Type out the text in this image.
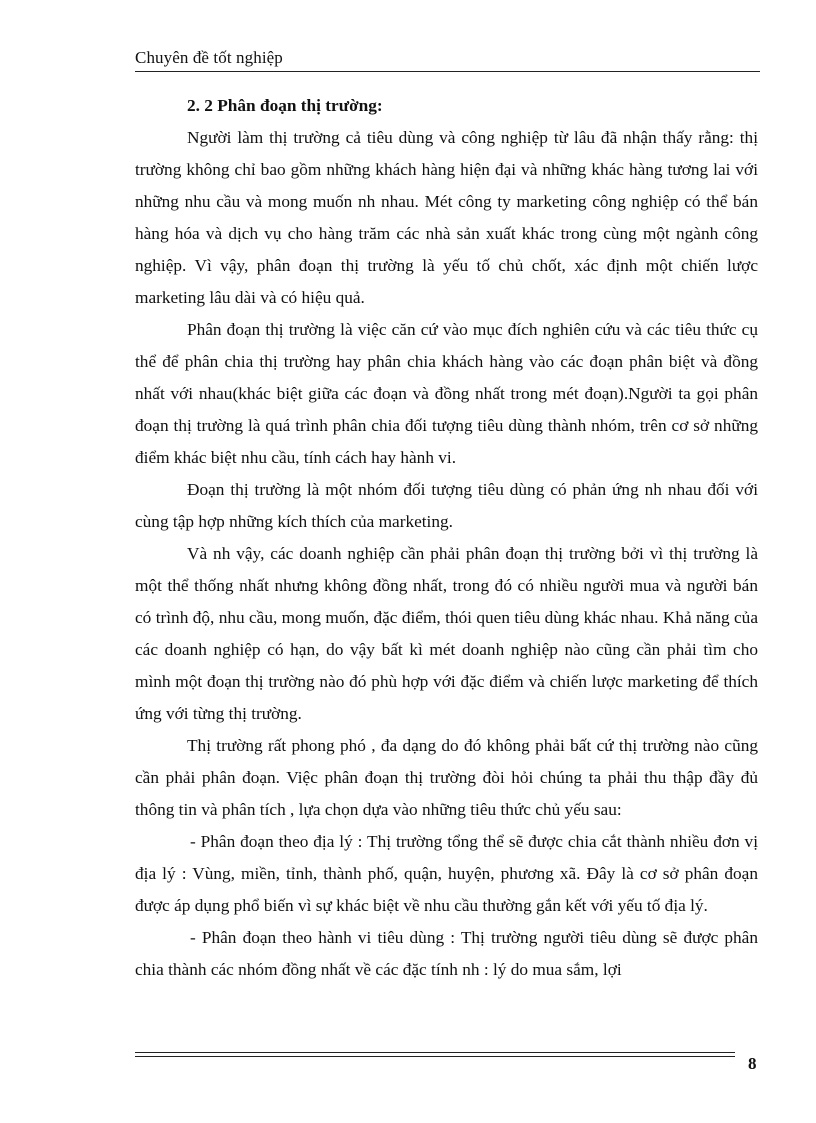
Chuyên đề tốt nghiệp

2. 2 Phân đoạn thị trường:

Người làm thị trường cả tiêu dùng và công nghiệp từ lâu đã nhận thấy rằng: thị trường không chỉ bao gồm những khách hàng hiện đại và những khác hàng tương lai với những nhu cầu và mong muốn nh nhau. Mét công ty marketing công nghiệp có thể bán hàng hóa và dịch vụ cho hàng trăm các nhà sản xuất khác trong cùng một ngành công nghiệp. Vì vậy, phân đoạn thị trường là yếu tố chủ chốt, xác định một chiến lược marketing lâu dài và có hiệu quả.

Phân đoạn thị trường là việc căn cứ vào mục đích nghiên cứu và các tiêu thức cụ thể để phân chia thị trường hay phân chia khách hàng vào các đoạn phân biệt và đồng nhất với nhau(khác biệt giữa các đoạn và đồng nhất trong mét đoạn).Người ta gọi phân đoạn thị trường là quá trình phân chia đối tượng tiêu dùng thành nhóm, trên cơ sở những điểm khác biệt nhu cầu, tính cách hay hành vi.

Đoạn thị trường là một nhóm đối tượng tiêu dùng có phản ứng nh nhau đối với cùng tập hợp những kích thích của marketing.

Và nh vậy, các doanh nghiệp cần phải phân đoạn thị trường bởi vì thị trường là một thể thống nhất nhưng không đồng nhất, trong đó có nhiều người mua và người bán có trình độ, nhu cầu, mong muốn, đặc điểm, thói quen tiêu dùng khác nhau. Khả năng của các doanh nghiệp có hạn, do vậy bất kì mét doanh nghiệp nào cũng cần phải tìm cho mình một đoạn thị trường nào đó phù hợp với đặc điểm và chiến lược marketing để thích ứng với từng thị trường.

Thị trường rất phong phó , đa dạng do đó không phải bất cứ thị trường nào cũng cần phải phân đoạn. Việc phân đoạn thị trường đòi hỏi chúng ta phải thu thập đầy đủ thông tin và phân tích , lựa chọn dựa vào những tiêu thức chủ yếu sau:

- Phân đoạn theo địa lý : Thị trường tổng thể sẽ được chia cắt thành nhiều đơn vị địa lý : Vùng, miền, tỉnh, thành phố, quận, huyện, phương xã. Đây là cơ sở phân đoạn được áp dụng phổ biến vì sự khác biệt về nhu cầu thường gắn kết với yếu tố địa lý.

- Phân đoạn theo hành vi tiêu dùng : Thị trường người tiêu dùng sẽ được phân chia thành các nhóm đồng nhất về các đặc tính nh : lý do mua sắm, lợi

8
